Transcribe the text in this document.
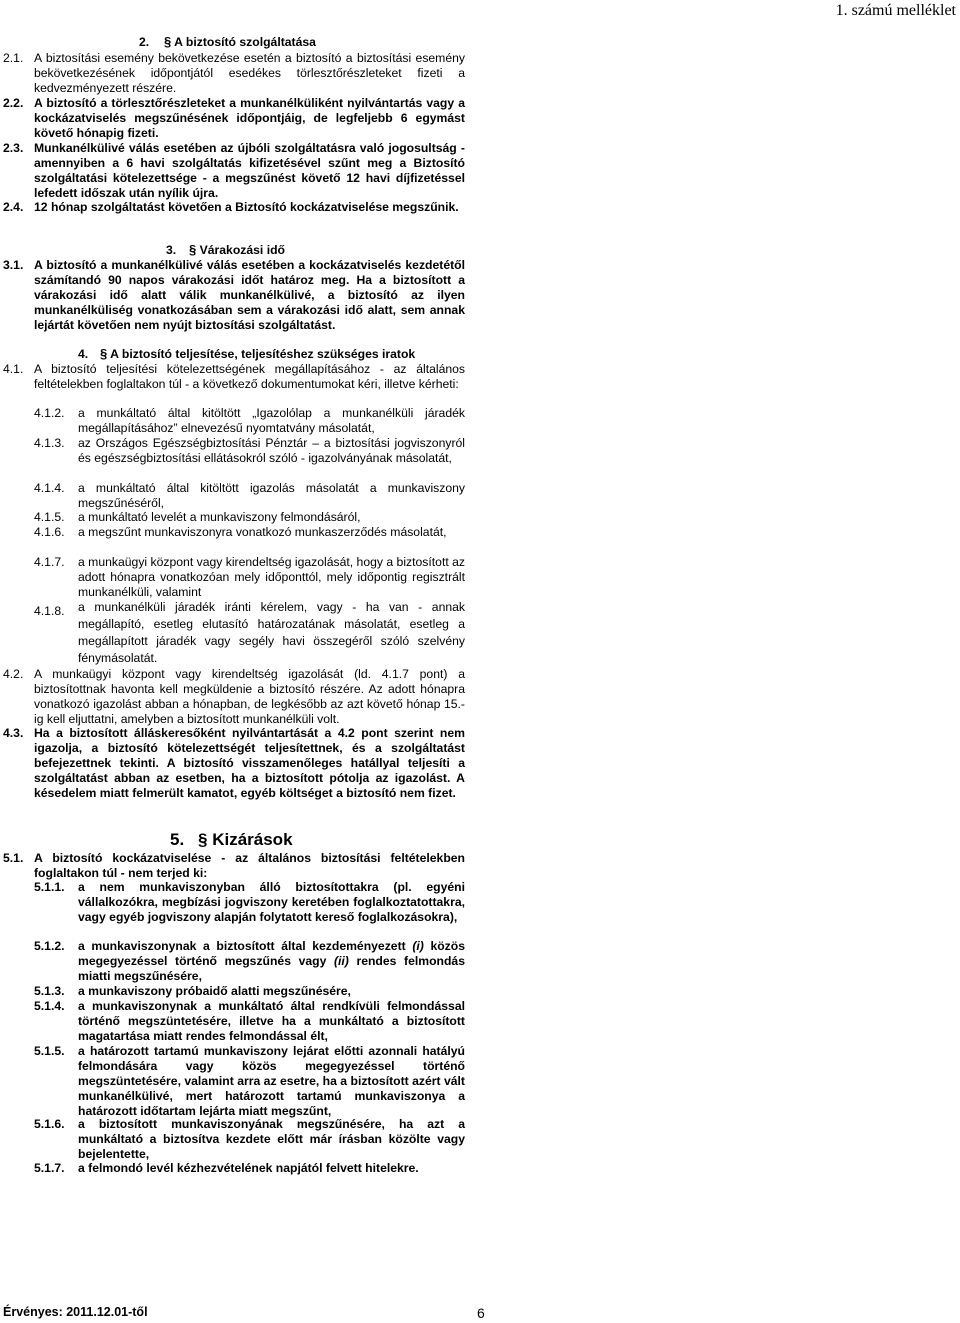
1. számú melléklet
2. § A biztosító szolgáltatása
2.1. A biztosítási esemény bekövetkezése esetén a biztosító a biztosítási esemény bekövetkezésének időpontjától esedékes törlesztőrészleteket fizeti a kedvezményezett részére.
2.2. A biztosító a törlesztőrészleteket a munkanélküliként nyilvántartás vagy a kockázatviselés megszűnésének időpontjáig, de legfeljebb 6 egymást követő hónapig fizeti.
2.3. Munkanélkülivé válás esetében az újbóli szolgáltatásra való jogosultság - amennyiben a 6 havi szolgáltatás kifizetésével szűnt meg a Biztosító szolgáltatási kötelezettsége - a megszűnést követő 12 havi díjfizetéssel lefedett időszak után nyílik újra.
2.4. 12 hónap szolgáltatást követően a Biztosító kockázatviselése megszűnik.
3. § Várakozási idő
3.1. A biztosító a munkanélkülivé válás esetében a kockázatviselés kezdetétől számítandó 90 napos várakozási időt határoz meg. Ha a biztosított a várakozási idő alatt válik munkanélkülivé, a biztosító az ilyen munkanélküliség vonatkozásában sem a várakozási idő alatt, sem annak lejártát követően nem nyújt biztosítási szolgáltatást.
4. § A biztosító teljesítése, teljesítéshez szükséges iratok
4.1. A biztosító teljesítési kötelezettségének megállapításához - az általános feltételekben foglaltakon túl - a következő dokumentumokat kéri, illetve kérheti:
4.1.2.	a munkáltató által kitöltött „Igazolólap a munkanélküli járadék megállapításához” elnevezésű nyomtatvány másolatát,
4.1.3.	az Országos Egészségbiztosítási Pénztár – a biztosítási jogviszonyról és egészségbiztosítási ellátásokról szóló - igazolványának másolatát,
4.1.4.	a munkáltató által kitöltött igazolás másolatát a munkaviszony megszűnéséről,
4.1.5.	a munkáltató levelét a munkaviszony felmondásáról,
4.1.6.	a megszűnt munkaviszonyra vonatkozó munkaszerződés másolatát,
4.1.7.	a munkaügyi központ vagy kirendeltség igazolását, hogy a biztosított az adott hónapra vonatkozóan mely időponttól, mely időpontig regisztrált munkanélküli, valamint
4.1.8.	a munkanélküli járadék iránti kérelem, vagy - ha van - annak megállapító, esetleg elutasító határozatának másolatát, esetleg a megállapított járadék vagy segély havi összegéről szóló szelvény fénymásolatát.
4.2. A munkaügyi központ vagy kirendeltség igazolását (ld. 4.1.7 pont) a biztosítottnak havonta kell megküldenie a biztosító részére. Az adott hónapra vonatkozó igazolást abban a hónapban, de legkésőbb az azt követő hónap 15.-ig kell eljuttatni, amelyben a biztosított munkanélküli volt.
4.3. Ha a biztosított álláskeresőként nyilvántartását a 4.2 pont szerint nem igazolja, a biztosító kötelezettségét teljesítettnek, és a szolgáltatást befejezettnek tekinti. A biztosító visszamenőleges hatállyal teljesíti a szolgáltatást abban az esetben, ha a biztosított pótolja az igazolást. A késedelem miatt felmerült kamatot, egyéb költséget a biztosító nem fizet.
5. § Kizárások
5.1. A biztosító kockázatviselése - az általános biztosítási feltételekben foglaltakon túl - nem terjed ki:
5.1.1.	a nem munkaviszonyban álló biztosítottakra (pl. egyéni vállalkozókra, megbízási jogviszony keretében foglalkoztatottakra, vagy egyéb jogviszony alapján folytatott kereső foglalkozásokra),
5.1.2.	a munkaviszonynak a biztosított által kezdeményezett (i) közös megegyezéssel történő megszűnés vagy (ii) rendes felmondás miatti megszűnésére,
5.1.3.	a munkaviszony próbaidő alatti megszűnésére,
5.1.4.	a munkaviszonynak a munkáltató által rendkívüli felmondással történő megszüntetésére, illetve ha a munkáltató a biztosított magatartása miatt rendes felmondással élt,
5.1.5.	a határozott tartamú munkaviszony lejárat előtti azonnali hatályú felmondására vagy közös megegyezéssel történő megszüntetésére, valamint arra az esetre, ha a biztosított azért vált munkanélkülivé, mert határozott tartamú munkaviszonya a határozott időtartam lejárta miatt megszűnt,
5.1.6.	a biztosított munkaviszonyának megszűnésére, ha azt a munkáltató a biztosítva kezdete előtt már írásban közölte vagy bejelentette,
5.1.7.	a felmondó levél kézhezvételének napjától felvett hitelekre.
Érvényes: 2011.12.01-től	6
